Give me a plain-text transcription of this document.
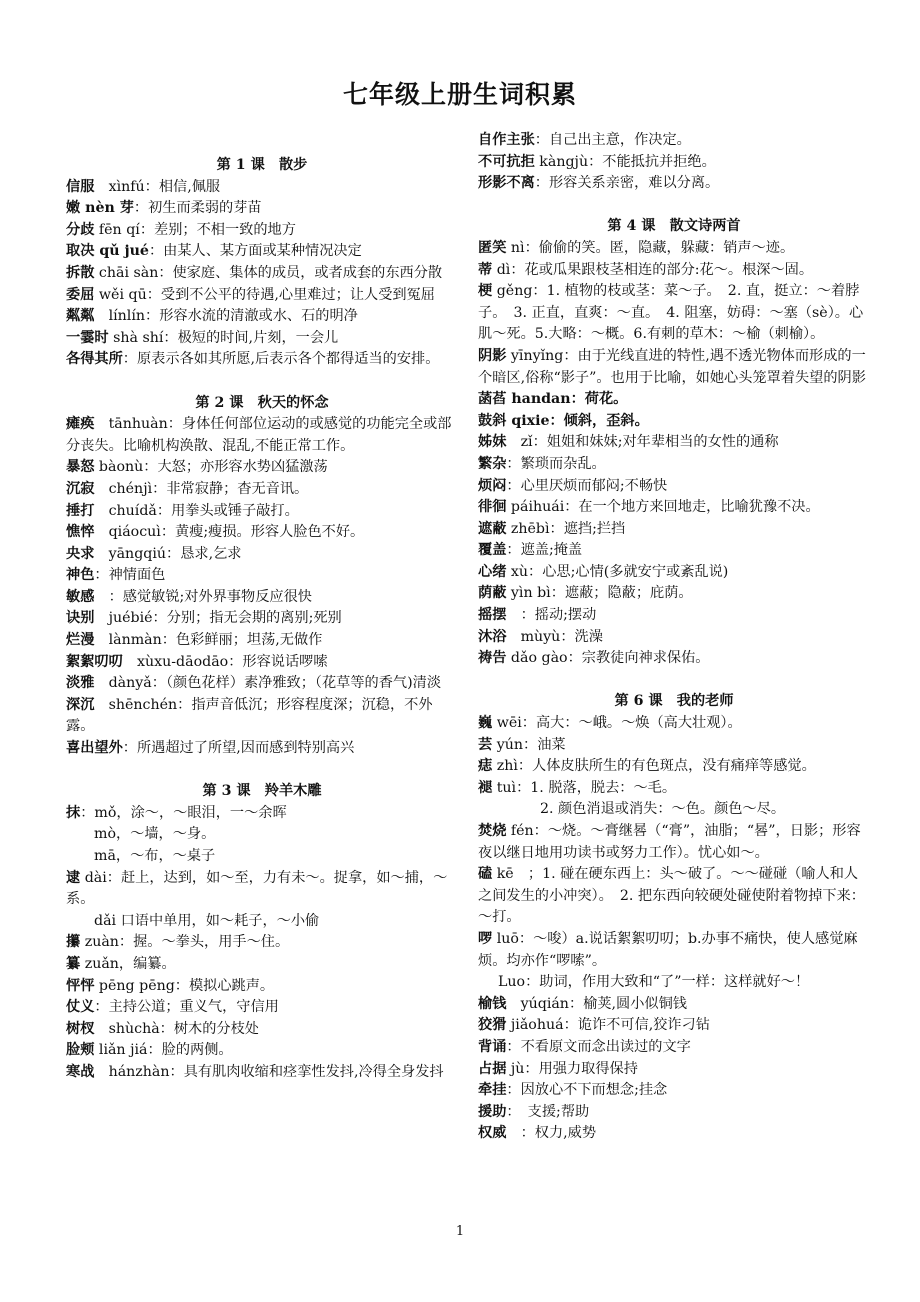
七年级上册生词积累

第 1 课　散步

信服　xìnfú：相信,佩服

嫩 nèn 芽：初生而柔弱的芽苗

分歧 fēn qí：差别；不相一致的地方

取决 qǔ jué：由某人、某方面或某种情况决定

拆散 chāi sàn：使家庭、集体的成员，或者成套的东西分散

委屈 wěi qū：受到不公平的待遇,心里难过；让人受到冤屈

粼粼　línlín：形容水流的清澈或水、石的明净

一霎时 shà shí：极短的时间,片刻，一会儿

各得其所：原表示各如其所愿,后表示各个都得适当的安排。

第 2 课　秋天的怀念

瘫痪　tānhuàn：身体任何部位运动的或感觉的功能完全或部分丧失。比喻机构涣散、混乱,不能正常工作。

暴怒 bàonù：大怒；亦形容水势凶猛激荡

沉寂　chénjì：非常寂静；杳无音讯。

捶打　chuídǎ：用拳头或锤子敲打。

憔悴　qiáocuì：黄瘦;瘦损。形容人脸色不好。

央求　yāngqiú：恳求,乞求

神色：神情面色

敏感　：感觉敏锐;对外界事物反应很快

诀别　juébié：分别；指无会期的离别;死别

烂漫　lànmàn：色彩鲜丽；坦荡,无做作

絮絮叨叨　xùxu-dāodāo：形容说话啰嗦

淡雅　dànyǎ：（颜色花样）素净雅致；（花草等的香气)清淡

深沉　shēnchén：指声音低沉；形容程度深；沉稳，不外露。

喜出望外：所遇超过了所望,因而感到特别高兴

第 3 课　羚羊木雕

抹：mǒ，涂～，～眼泪，一～余晖

mò，～墙，～身。

mā，～布，～桌子

逮 dài：赶上，达到，如～至，力有未～。捉拿，如～捕，～系。

dǎi 口语中单用，如～耗子，～小偷

攥 zuàn：握。～拳头，用手～住。

纂 zuǎn，编纂。

怦怦 pēng pēng：模拟心跳声。

仗义：主持公道；重义气，守信用

树杈　shùchà：树木的分枝处

脸颊 liǎn jiá：脸的两侧。

寒战　hánzhàn：具有肌肉收缩和痉挛性发抖,冷得全身发抖

自作主张：自己出主意，作决定。

不可抗拒 kàngjù：不能抵抗并拒绝。

形影不离：形容关系亲密，难以分离。

第 4 课　散文诗两首

匿笑 nì：偷偷的笑。匿，隐藏，躲藏：销声～迹。

蒂 dì：花或瓜果跟枝茎相连的部分:花～。根深～固。

梗 gěng：1. 植物的枝或茎：菜～子。　2. 直，挺立：～着脖子。　3. 正直，直爽：～直。　4. 阻塞，妨碍：～塞（sè）。心肌～死。5.大略：～概。6.有刺的草木：～榆（刺榆）。

阴影 yīnyǐng：由于光线直进的特性,遇不透光物体而形成的一个暗区,俗称“影子”。也用于比喻，如她心头笼罩着失望的阴影

菡萏 handan：荷花。

鼓斜 qixie：倾斜，歪斜。

姊妹　zǐ：姐姐和妹妹;对年辈相当的女性的通称

繁杂：繁琐而杂乱。

烦闷：心里厌烦而郁闷;不畅快

徘徊 páihuái：在一个地方来回地走，比喻犹豫不决。

遮蔽 zhēbì：遮挡;拦挡

覆盖：遮盖;掩盖

心绪 xù：心思;心情(多就安宁或紊乱说)

荫蔽 yìn bì：遮蔽；隐蔽；庇荫。

摇摆　：摇动;摆动

沐浴　mùyù：洗澡

祷告 dǎo gào：宗教徒向神求保佑。

第 6 课　我的老师

巍 wēi：高大：～峨。～焕（高大壮观）。

芸 yún：油菜

痣 zhì：人体皮肤所生的有色斑点，没有痛痒等感觉。

褪 tuì：1. 脱落，脱去：～毛。

2. 颜色消退或消失：～色。颜色～尽。

焚烧 fén：～烧。～膏继晷（“膏”，油脂；“晷”，日影；形容夜以继日地用功读书或努力工作）。忧心如～。

磕 kē　；1. 碰在硬东西上：头～破了。～～碰碰（喻人和人之间发生的小冲突）。　2. 把东西向较硬处碰使附着物掉下来：～打。

啰 luō：～唆）a.说话絮絮叨叨；b.办事不痛快，使人感觉麻烦。均亦作“啰嗦”。

Luo：助词，作用大致和“了”一样：这样就好～！

榆钱　yúqián：榆荚,圆小似铜钱

狡猾 jiǎohuá：诡诈不可信,狡诈刁钻

背诵：不看原文而念出读过的文字

占据 jù：用强力取得保持

牵挂：因放心不下而想念;挂念

援助：　支援;帮助

权威　：权力,威势

1
